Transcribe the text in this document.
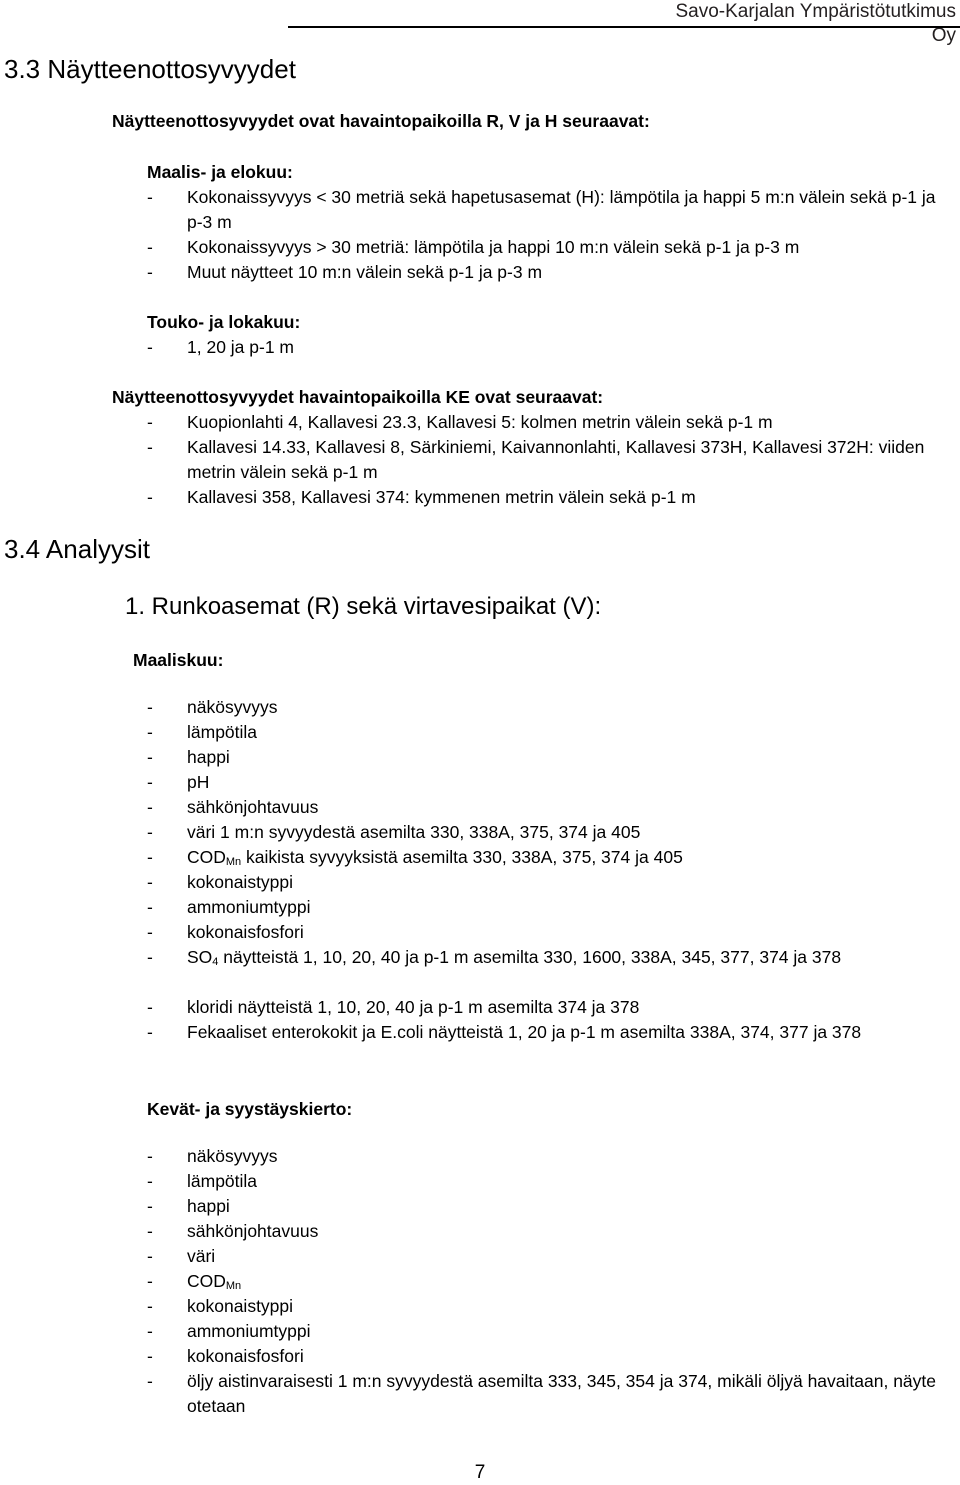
Savo-Karjalan Ympäristötutkimus Oy
3.3 Näytteenottosyvyydet
Näytteenottosyvyydet ovat havaintopaikoilla R, V ja H seuraavat:
Maalis- ja elokuu:
- Kokonaissyvyys < 30 metriä sekä hapetusasemat (H): lämpötila ja happi 5 m:n välein sekä p-1 ja p-3 m
- Kokonaissyvyys > 30 metriä: lämpötila ja happi 10 m:n välein sekä p-1 ja p-3 m
- Muut näytteet 10 m:n välein sekä p-1 ja p-3 m
Touko- ja lokakuu:
- 1, 20 ja p-1 m
Näytteenottosyvyydet havaintopaikoilla KE ovat seuraavat:
- Kuopionlahti 4, Kallavesi 23.3, Kallavesi 5: kolmen metrin välein sekä p-1 m
- Kallavesi 14.33, Kallavesi 8, Särkiniemi, Kaivannonlahti, Kallavesi 373H, Kallavesi 372H: viiden metrin välein sekä p-1 m
- Kallavesi 358, Kallavesi 374: kymmenen metrin välein sekä p-1 m
3.4 Analyysit
1. Runkoasemat (R) sekä virtavesipaikat (V):
Maaliskuu:
- näkösyvyys
- lämpötila
- happi
- pH
- sähkönjohtavuus
- väri 1 m:n syvyydestä asemilta 330, 338A, 375, 374 ja 405
- $COD_{Mn}$ kaikista syvyyksistä asemilta 330, 338A, 375, 374 ja 405
- kokonaistyppi
- ammoniumtyppi
- kokonaisfosfori
- $SO_4$ näytteistä 1, 10, 20, 40 ja p-1 m asemilta 330, 1600, 338A, 345, 377, 374 ja 378
- kloridi näytteistä 1, 10, 20, 40 ja p-1 m asemilta 374 ja 378
- Fekaaliset enterokokit ja E.coli näytteistä 1, 20 ja p-1 m asemilta 338A, 374, 377 ja 378
Kevät- ja syystäyskierto:
- näkösyvyys
- lämpötila
- happi
- sähkönjohtavuus
- väri
- $COD_{Mn}$
- kokonaistyppi
- ammoniumtyppi
- kokonaisfosfori
- öljy aistinvaraisesti 1 m:n syvyydestä asemilta 333, 345, 354 ja 374, mikäli öljyä havaitaan, näyte otetaan
7
